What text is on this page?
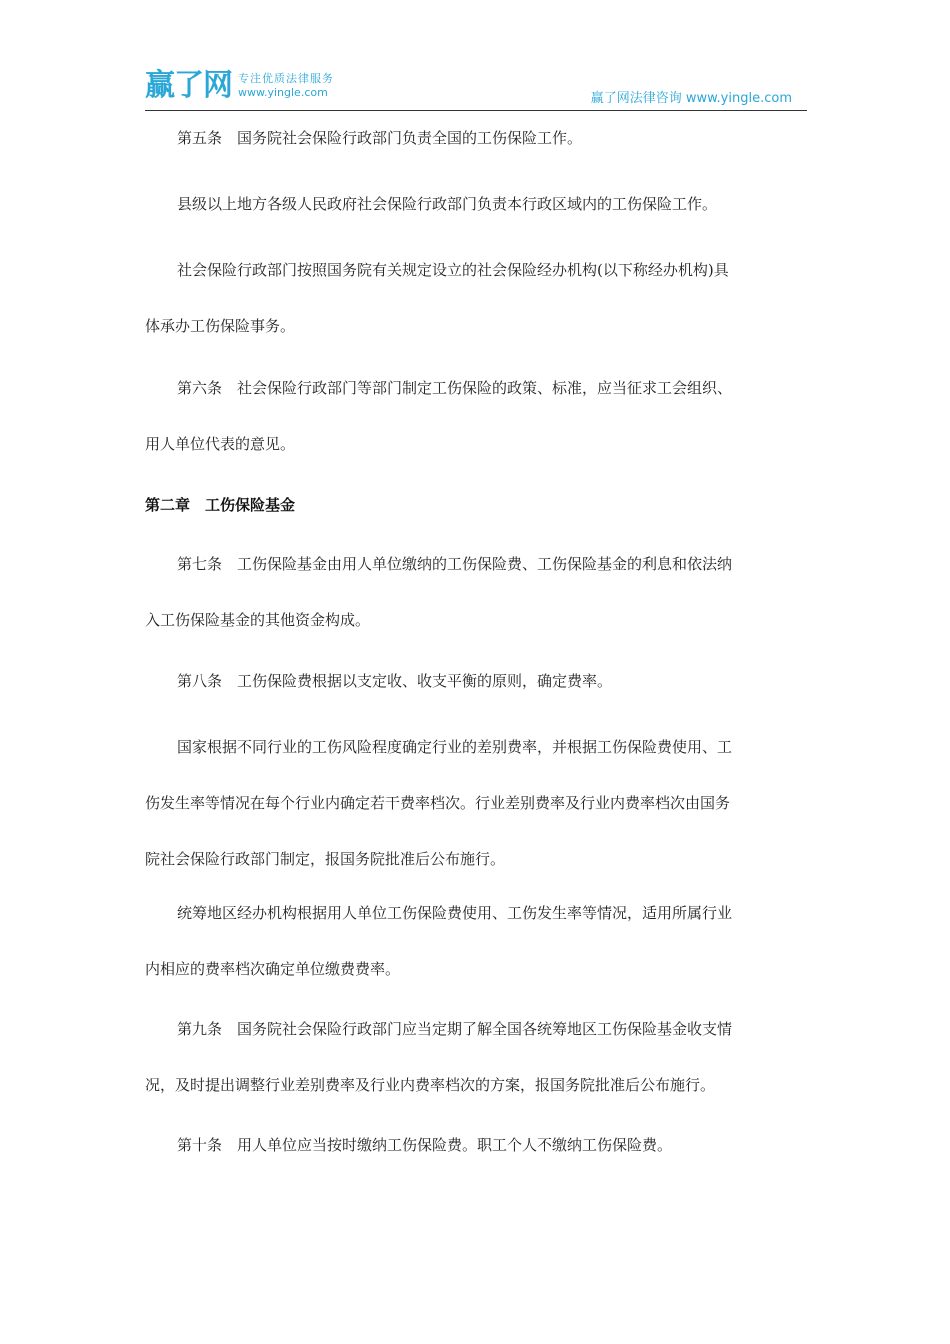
赢了网 专注优质法律服务
www.yingle.com	赢了网法律咨询 www.yingle.com

第五条　国务院社会保险行政部门负责全国的工伤保险工作。

县级以上地方各级人民政府社会保险行政部门负责本行政区域内的工伤保险工作。

社会保险行政部门按照国务院有关规定设立的社会保险经办机构(以下称经办机构)具
体承办工伤保险事务。

第六条　社会保险行政部门等部门制定工伤保险的政策、标准，应当征求工会组织、
用人单位代表的意见。

第二章　工伤保险基金

第七条　工伤保险基金由用人单位缴纳的工伤保险费、工伤保险基金的利息和依法纳
入工伤保险基金的其他资金构成。

第八条　工伤保险费根据以支定收、收支平衡的原则，确定费率。

国家根据不同行业的工伤风险程度确定行业的差别费率，并根据工伤保险费使用、工
伤发生率等情况在每个行业内确定若干费率档次。行业差别费率及行业内费率档次由国务
院社会保险行政部门制定，报国务院批准后公布施行。

统筹地区经办机构根据用人单位工伤保险费使用、工伤发生率等情况，适用所属行业
内相应的费率档次确定单位缴费费率。

第九条　国务院社会保险行政部门应当定期了解全国各统筹地区工伤保险基金收支情
况，及时提出调整行业差别费率及行业内费率档次的方案，报国务院批准后公布施行。

第十条　用人单位应当按时缴纳工伤保险费。职工个人不缴纳工伤保险费。
